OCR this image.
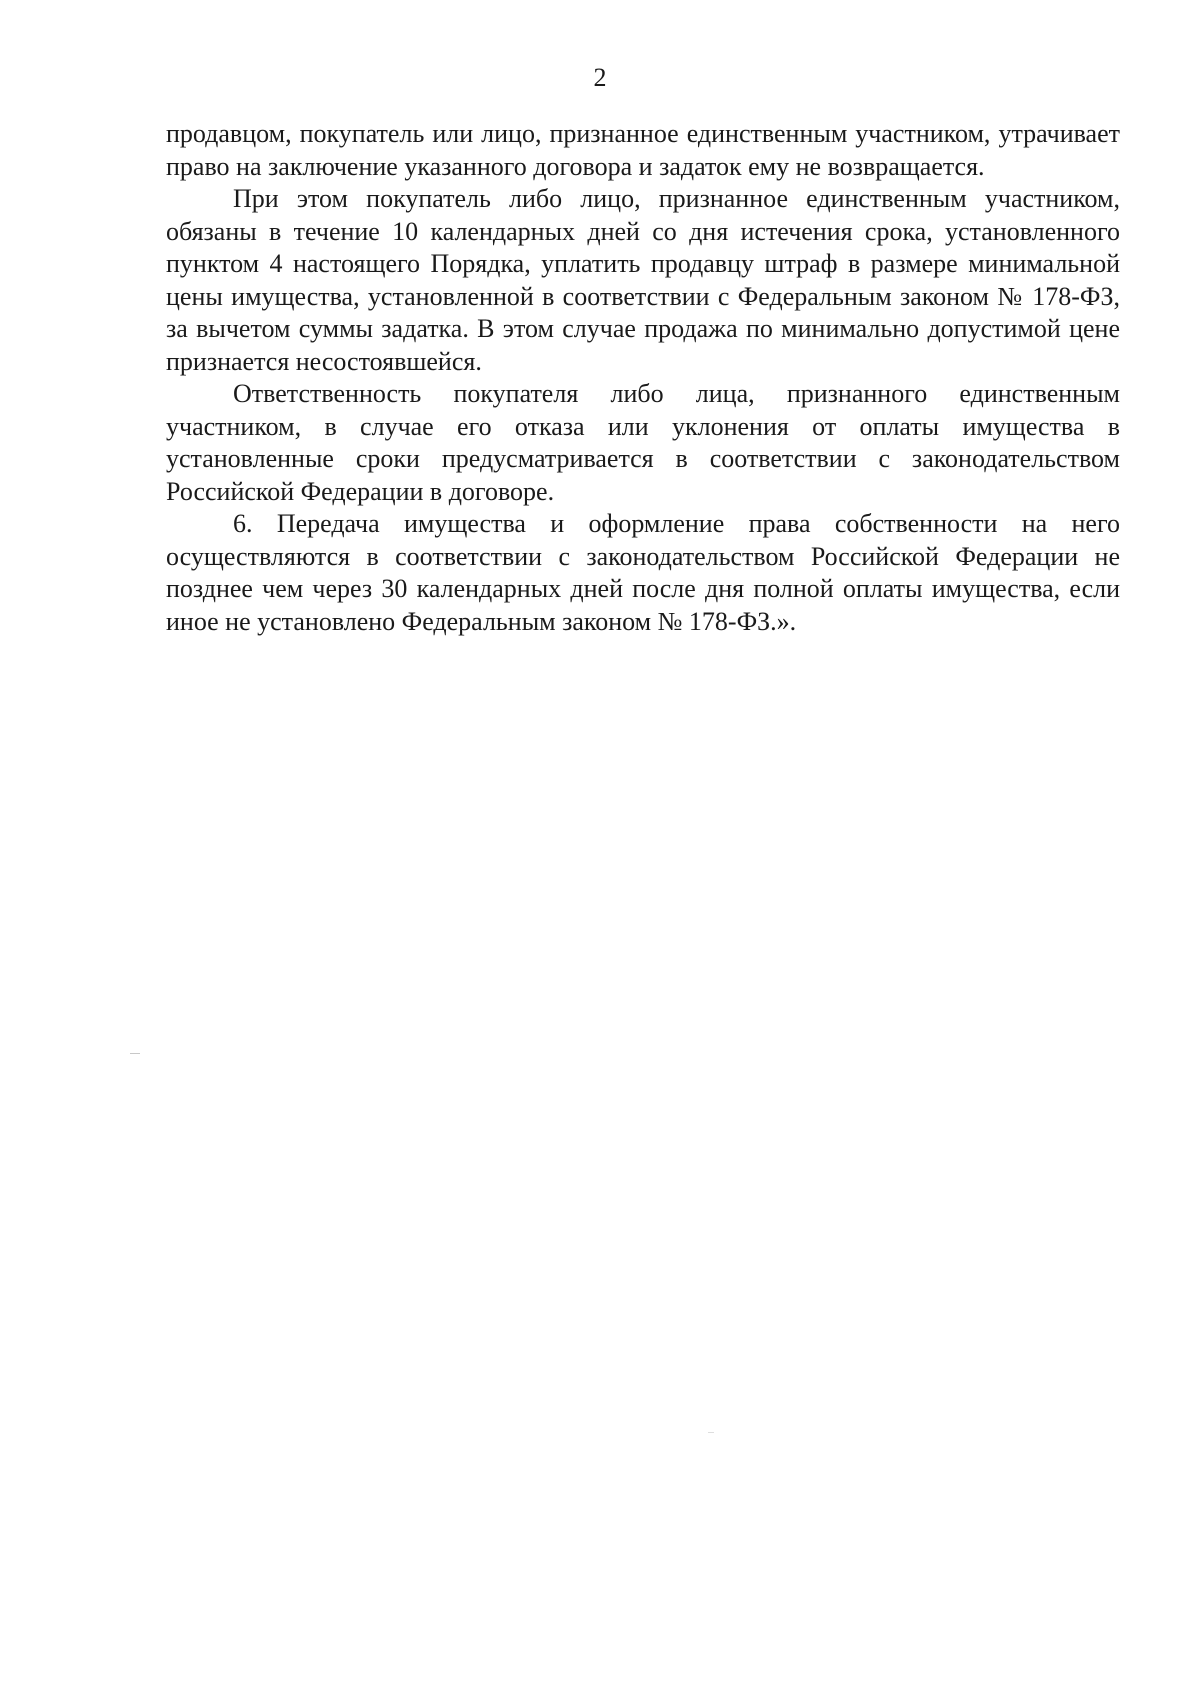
2

продавцом, покупатель или лицо, признанное единственным участником, утрачивает право на заключение указанного договора и задаток ему не возвращается.

При этом покупатель либо лицо, признанное единственным участником, обязаны в течение 10 календарных дней со дня истечения срока, установленного пунктом 4 настоящего Порядка, уплатить продавцу штраф в размере минимальной цены имущества, установленной в соответствии с Федеральным законом № 178-ФЗ, за вычетом суммы задатка. В этом случае продажа по минимально допустимой цене признается несостоявшейся.

Ответственность покупателя либо лица, признанного единственным участником, в случае его отказа или уклонения от оплаты имущества в установленные сроки предусматривается в соответствии с законодательством Российской Федерации в договоре.

6. Передача имущества и оформление права собственности на него осуществляются в соответствии с законодательством Российской Федерации не позднее чем через 30 календарных дней после дня полной оплаты имущества, если иное не установлено Федеральным законом № 178-ФЗ.».
